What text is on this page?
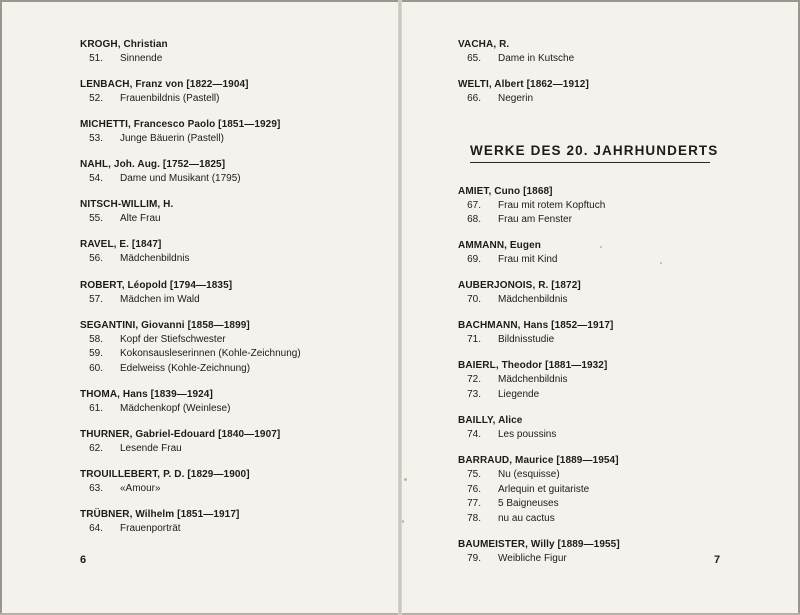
KROGH, Christian
51. Sinnende
LENBACH, Franz von [1822—1904]
52. Frauenbildnis (Pastell)
MICHETTI, Francesco Paolo [1851—1929]
53. Junge Bäuerin (Pastell)
NAHL, Joh. Aug. [1752—1825]
54. Dame und Musikant (1795)
NITSCH-WILLIM, H.
55. Alte Frau
RAVEL, E. [1847]
56. Mädchenbildnis
ROBERT, Léopold [1794—1835]
57. Mädchen im Wald
SEGANTINI, Giovanni [1858—1899]
58. Kopf der Stiefschwester
59. Kokonsausleserinnen (Kohle-Zeichnung)
60. Edelweiss (Kohle-Zeichnung)
THOMA, Hans [1839—1924]
61. Mädchenkopf (Weinlese)
THURNER, Gabriel-Edouard [1840—1907]
62. Lesende Frau
TROUILLEBERT, P. D. [1829—1900]
63. «Amour»
TRÜBNER, Wilhelm [1851—1917]
64. Frauenporträt
6
VACHA, R.
65. Dame in Kutsche
WELTI, Albert [1862—1912]
66. Negerin
WERKE DES 20. JAHRHUNDERTS
AMIET, Cuno [1868]
67. Frau mit rotem Kopftuch
68. Frau am Fenster
AMMANN, Eugen
69. Frau mit Kind
AUBERJONOIS, R. [1872]
70. Mädchenbildnis
BACHMANN, Hans [1852—1917]
71. Bildnisstudie
BAIERL, Theodor [1881—1932]
72. Mädchenbildnis
73. Liegende
BAILLY, Alice
74. Les poussins
BARRAUD, Maurice [1889—1954]
75. Nu (esquisse)
76. Arlequin et guitariste
77. 5 Baigneuses
78. nu au cactus
BAUMEISTER, Willy [1889—1955]
79. Weibliche Figur	7
